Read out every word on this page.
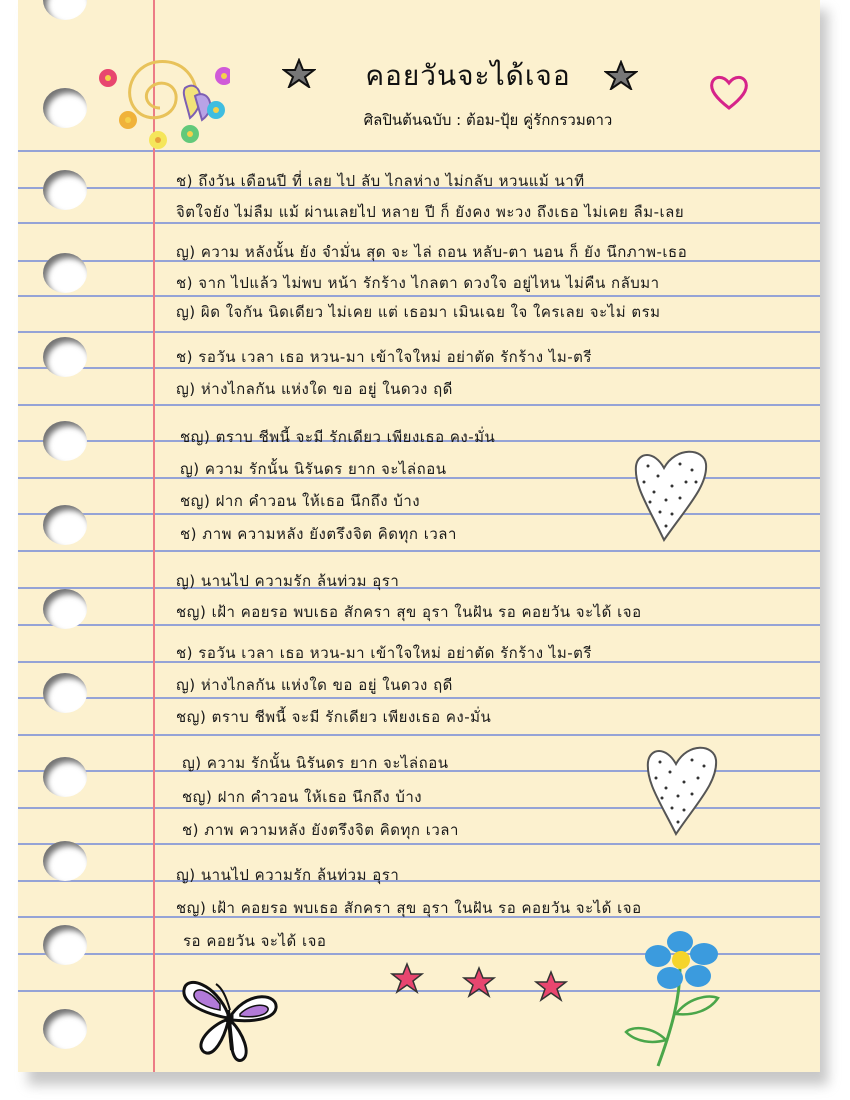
คอยวันจะได้เจอ
ศิลปินต้นฉบับ : ต้อม-ปุ้ย คู่รักกรวมดาว
ช) ถึงวัน เดือนปี ที่ เลย ไป ลับ ไกลห่าง ไม่กลับ หวนแม้ นาที
จิตใจยัง ไม่ลืม แม้ ผ่านเลยไป หลาย ปี ก็ ยังคง พะวง ถึงเธอ ไม่เคย ลืม-เลย
ญ) ความ หลังนั้น ยัง จำมั่น สุด จะ ไล่ ถอน หลับ-ตา นอน ก็ ยัง นึกภาพ-เธอ
ช) จาก ไปแล้ว ไม่พบ หน้า รักร้าง ไกลตา ดวงใจ อยู่ไหน ไม่คืน กลับมา
ญ) ผิด ใจกัน นิดเดียว ไม่เคย แต่ เธอมา เมินเฉย ใจ ใครเลย จะไม่ ตรม
ช) รอวัน เวลา เธอ หวน-มา เข้าใจใหม่ อย่าตัด รักร้าง ไม-ตรี
ญ) ห่างไกลกัน แห่งใด ขอ อยู่ ในดวง ฤดี
ชญ) ตราบ ชีพนี้ จะมี รักเดียว เพียงเธอ คง-มั่น
ญ) ความ รักนั้น นิรันดร ยาก จะไล่ถอน
ชญ) ฝาก คำวอน ให้เธอ นึกถึง บ้าง
ช) ภาพ ความหลัง ยังตรึงจิต คิดทุก เวลา
ญ) นานไป ความรัก ล้นท่วม อุรา
ชญ) เฝ้า คอยรอ พบเธอ สักครา สุข อุรา ในฝัน รอ คอยวัน จะได้ เจอ
ช) รอวัน เวลา เธอ หวน-มา เข้าใจใหม่ อย่าตัด รักร้าง ไม-ตรี
ญ) ห่างไกลกัน แห่งใด ขอ อยู่ ในดวง ฤดี
ชญ) ตราบ ชีพนี้ จะมี รักเดียว เพียงเธอ คง-มั่น
ญ) ความ รักนั้น นิรันดร ยาก จะไล่ถอน
ชญ) ฝาก คำวอน ให้เธอ นึกถึง บ้าง
ช) ภาพ ความหลัง ยังตรึงจิต คิดทุก เวลา
ญ) นานไป ความรัก ล้นท่วม อุรา
ชญ) เฝ้า คอยรอ พบเธอ สักครา สุข อุรา ในฝัน รอ คอยวัน จะได้ เจอ
รอ คอยวัน จะได้ เจอ
